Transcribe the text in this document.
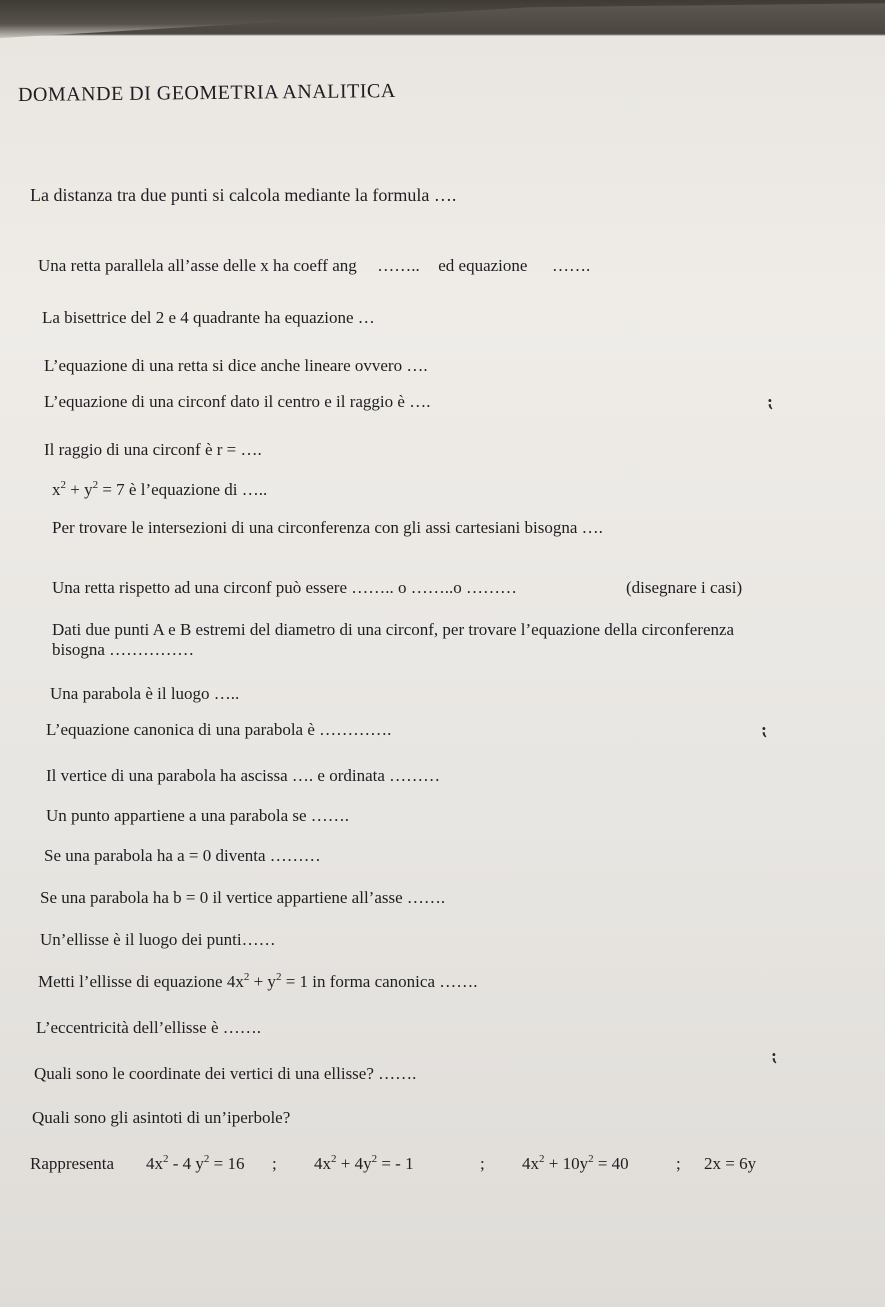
DOMANDE DI GEOMETRIA ANALITICA
La distanza tra due punti si calcola mediante la formula ….
Una retta parallela all’asse delle x ha coeff ang …….. ed equazione …….
La bisettrice del 2 e 4 quadrante ha equazione …
L’equazione di una retta si dice anche lineare ovvero ….
L’equazione di una circonf dato il centro e il raggio è ….
Il raggio di una circonf è r = ….
$x^2 + y^2 = 7$ è l’equazione di …..
Per trovare le intersezioni di una circonferenza con gli assi cartesiani bisogna ….
Una retta rispetto ad una circonf può essere …….. o ……..o ………	(disegnare i casi)
Dati due punti A e B estremi del diametro di una circonf, per trovare l’equazione della circonferenza
bisogna ……………
Una parabola è il luogo …..
L’equazione canonica di una parabola è ………….
Il vertice di una parabola ha ascissa …. e ordinata ………
Un punto appartiene a una parabola se …….
Se una parabola ha a = 0 diventa ………
Se una parabola ha b = 0 il vertice appartiene all’asse …….
Un’ellisse è il luogo dei punti……
Metti l’ellisse di equazione $4x^2 + y^2 = 1$ in forma canonica …….
L’eccentricità dell’ellisse è …….
Quali sono le coordinate dei vertici di una ellisse? …….
Quali sono gli asintoti di un’iperbole?
Rappresenta $4x^2 - 4$ $y^2 = 16$ ; $4x^2 + 4y^2$ = - 1	; $4x^2 + 10y^2 = 40$	; 2x = 6y
⁏
⁏
⁏
